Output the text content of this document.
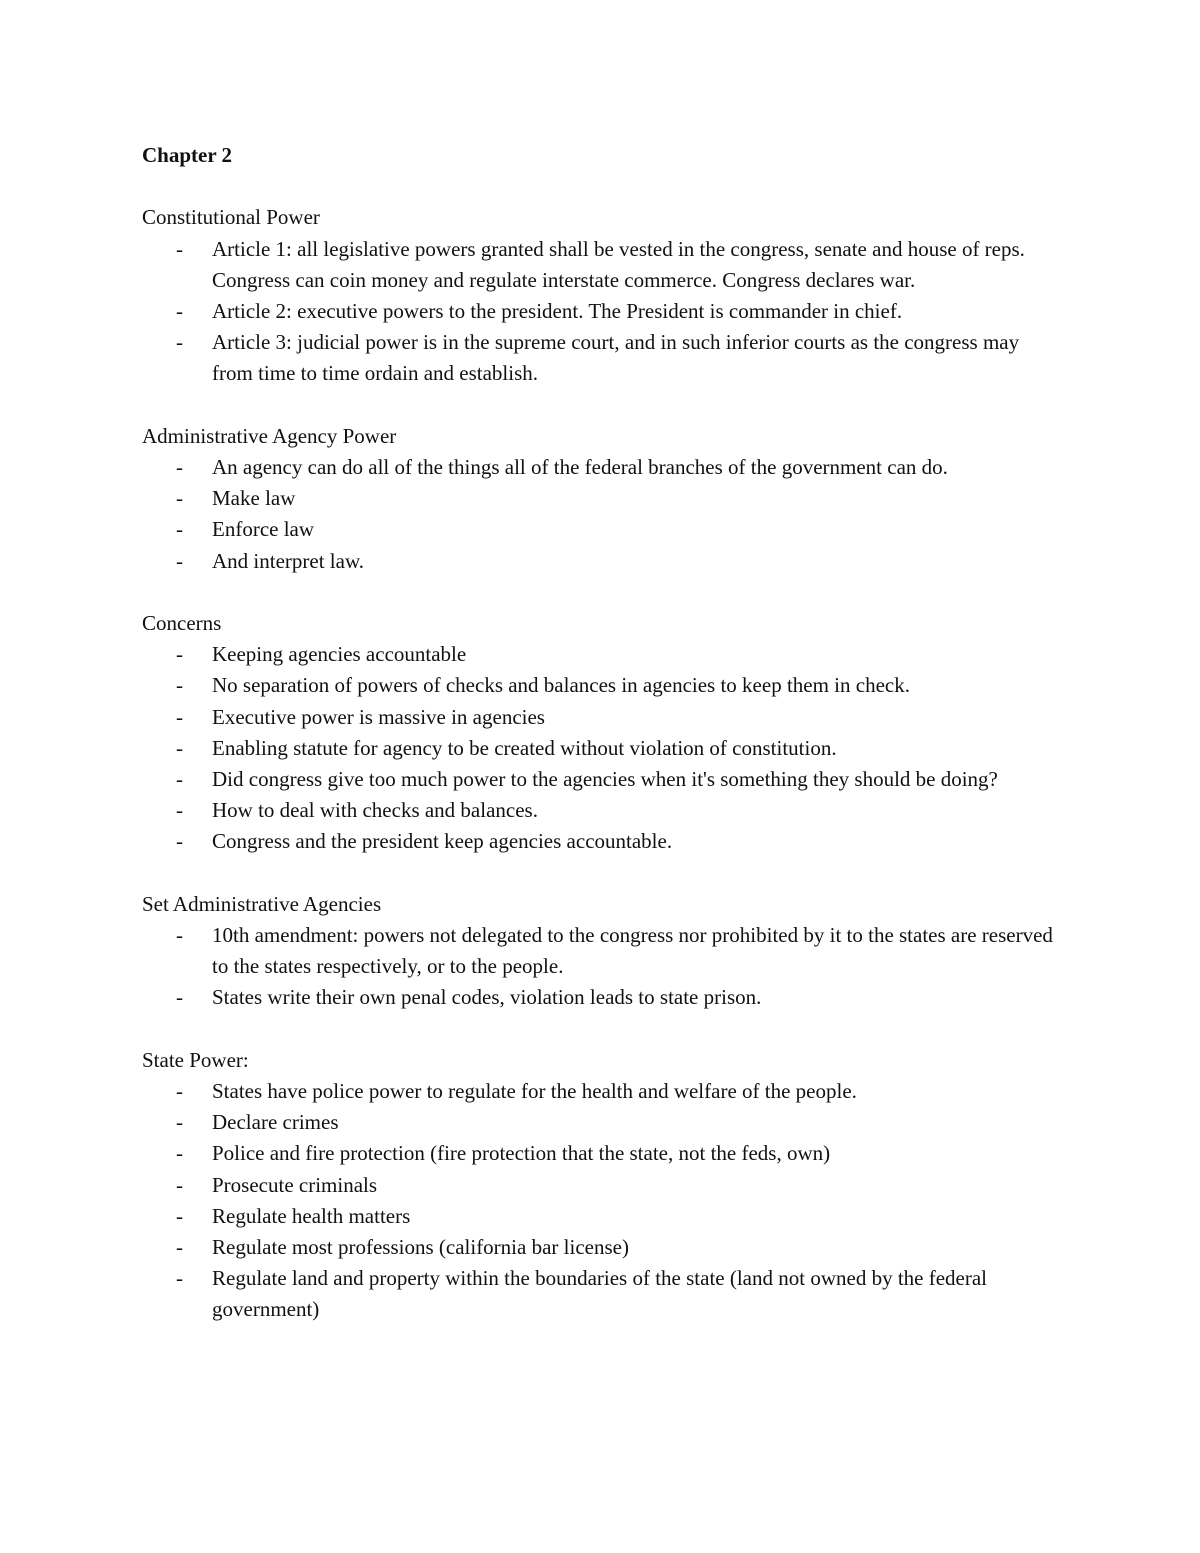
Chapter 2

Constitutional Power

- Article 1: all legislative powers granted shall be vested in the congress, senate and house of reps. Congress can coin money and regulate interstate commerce. Congress declares war.
- Article 2: executive powers to the president. The President is commander in chief.
- Article 3: judicial power is in the supreme court, and in such inferior courts as the congress may from time to time ordain and establish.

Administrative Agency Power

- An agency can do all of the things all of the federal branches of the government can do.
- Make law
- Enforce law
- And interpret law.

Concerns

- Keeping agencies accountable
- No separation of powers of checks and balances in agencies to keep them in check.
- Executive power is massive in agencies
- Enabling statute for agency to be created without violation of constitution.
- Did congress give too much power to the agencies when it's something they should be doing?
- How to deal with checks and balances.
- Congress and the president keep agencies accountable.

Set Administrative Agencies

- 10th amendment: powers not delegated to the congress nor prohibited by it to the states are reserved to the states respectively, or to the people.
- States write their own penal codes, violation leads to state prison.

State Power:

- States have police power to regulate for the health and welfare of the people.
- Declare crimes
- Police and fire protection (fire protection that the state, not the feds, own)
- Prosecute criminals
- Regulate health matters
- Regulate most professions (california bar license)
- Regulate land and property within the boundaries of the state (land not owned by the federal government)
